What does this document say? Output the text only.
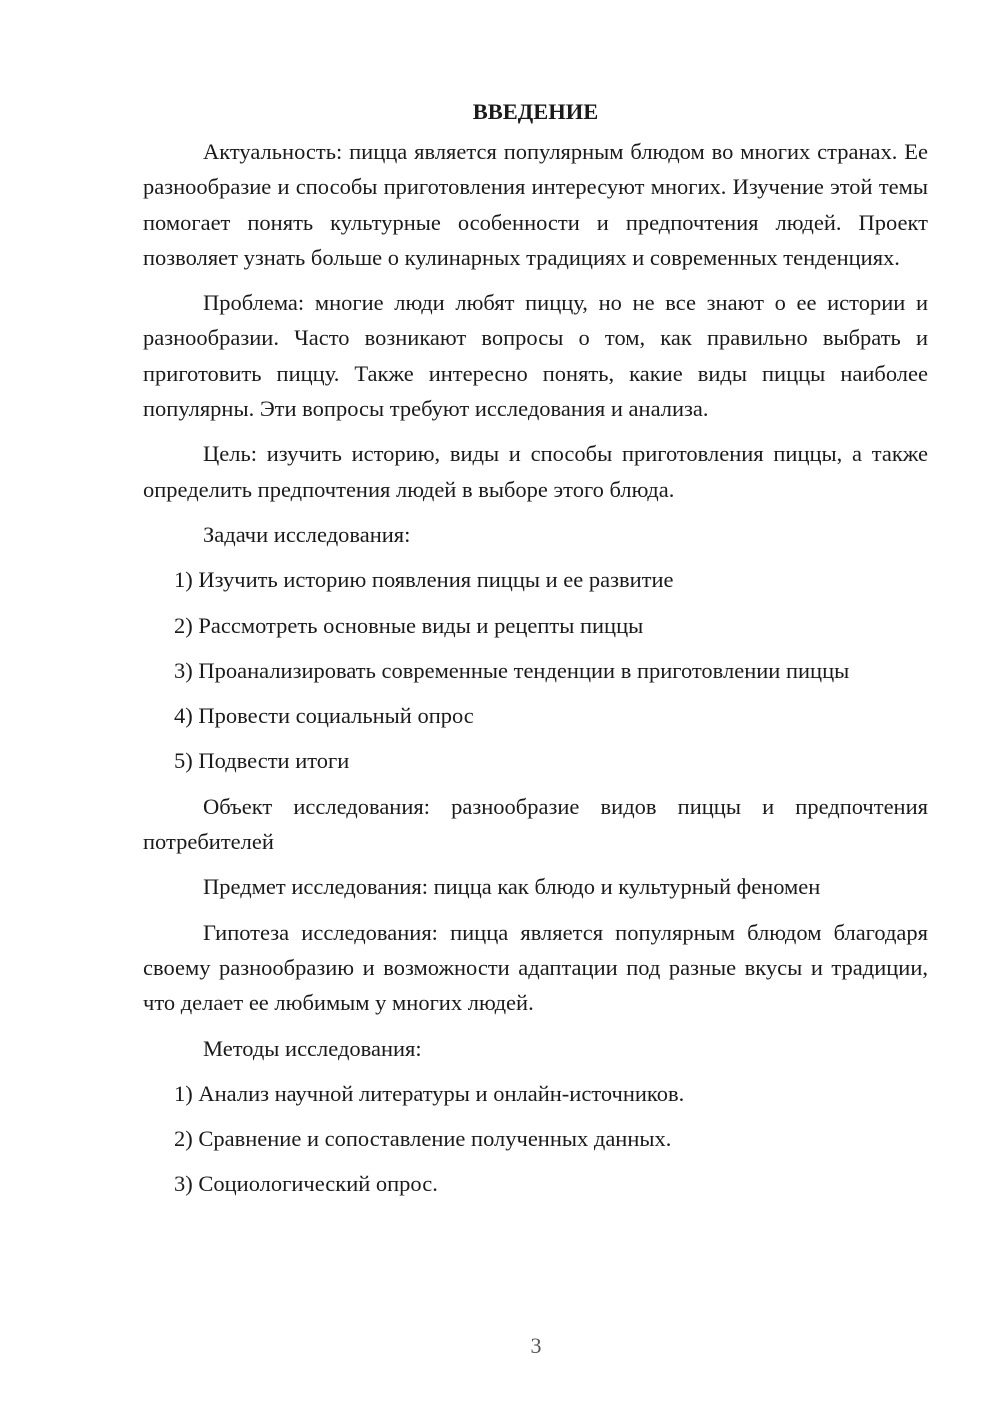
ВВЕДЕНИЕ

Актуальность: пицца является популярным блюдом во многих странах. Ее разнообразие и способы приготовления интересуют многих. Изучение этой темы помогает понять культурные особенности и предпочтения людей. Проект позволяет узнать больше о кулинарных традициях и современных тенденциях.

Проблема: многие люди любят пиццу, но не все знают о ее истории и разнообразии. Часто возникают вопросы о том, как правильно выбрать и приготовить пиццу. Также интересно понять, какие виды пиццы наиболее популярны. Эти вопросы требуют исследования и анализа.

Цель: изучить историю, виды и способы приготовления пиццы, а также определить предпочтения людей в выборе этого блюда.

Задачи исследования:
1) Изучить историю появления пиццы и ее развитие
2) Рассмотреть основные виды и рецепты пиццы
3) Проанализировать современные тенденции в приготовлении пиццы
4) Провести социальный опрос
5) Подвести итоги

Объект исследования: разнообразие видов пиццы и предпочтения потребителей

Предмет исследования: пицца как блюдо и культурный феномен

Гипотеза исследования: пицца является популярным блюдом благодаря своему разнообразию и возможности адаптации под разные вкусы и традиции, что делает ее любимым у многих людей.

Методы исследования:
1) Анализ научной литературы и онлайн-источников.
2) Сравнение и сопоставление полученных данных.
3) Социологический опрос.
3
